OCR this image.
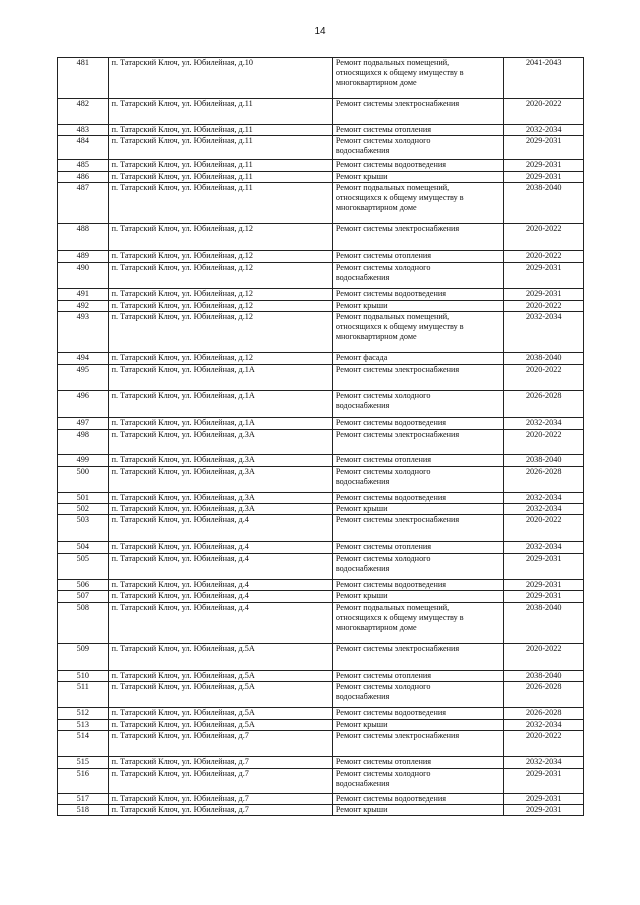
14
481	п. Татарский Ключ, ул. Юбилейная, д.10	Ремонт подвальных помещений,
относящихся к общему имуществу в
многоквартирном доме	2041-2043

482	п. Татарский Ключ, ул. Юбилейная, д.11	Ремонт системы электроснабжения	2020-2022

483	п. Татарский Ключ, ул. Юбилейная, д.11	Ремонт системы отопления	2032-2034

484	п. Татарский Ключ, ул. Юбилейная, д.11	Ремонт системы холодного
водоснабжения	2029-2031

485	п. Татарский Ключ, ул. Юбилейная, д.11	Ремонт системы водоотведения	2029-2031

486	п. Татарский Ключ, ул. Юбилейная, д.11	Ремонт крыши	2029-2031

487	п. Татарский Ключ, ул. Юбилейная, д.11	Ремонт подвальных помещений,
относящихся к общему имуществу в
многоквартирном доме	2038-2040

488	п. Татарский Ключ, ул. Юбилейная, д.12	Ремонт системы электроснабжения	2020-2022

489	п. Татарский Ключ, ул. Юбилейная, д.12	Ремонт системы отопления	2020-2022

490	п. Татарский Ключ, ул. Юбилейная, д.12	Ремонт системы холодного
водоснабжения	2029-2031

491	п. Татарский Ключ, ул. Юбилейная, д.12	Ремонт системы водоотведения	2029-2031

492	п. Татарский Ключ, ул. Юбилейная, д.12	Ремонт крыши	2020-2022

493	п. Татарский Ключ, ул. Юбилейная, д.12	Ремонт подвальных помещений,
относящихся к общему имуществу в
многоквартирном доме	2032-2034

494	п. Татарский Ключ, ул. Юбилейная, д.12	Ремонт фасада	2038-2040

495	п. Татарский Ключ, ул. Юбилейная, д.1А	Ремонт системы электроснабжения	2020-2022

496	п. Татарский Ключ, ул. Юбилейная, д.1А	Ремонт системы холодного
водоснабжения	2026-2028

497	п. Татарский Ключ, ул. Юбилейная, д.1А	Ремонт системы водоотведения	2032-2034

498	п. Татарский Ключ, ул. Юбилейная, д.3А	Ремонт системы электроснабжения	2020-2022

499	п. Татарский Ключ, ул. Юбилейная, д.3А	Ремонт системы отопления	2038-2040

500	п. Татарский Ключ, ул. Юбилейная, д.3А	Ремонт системы холодного
водоснабжения	2026-2028

501	п. Татарский Ключ, ул. Юбилейная, д.3А	Ремонт системы водоотведения	2032-2034

502	п. Татарский Ключ, ул. Юбилейная, д.3А	Ремонт крыши	2032-2034

503	п. Татарский Ключ, ул. Юбилейная, д.4	Ремонт системы электроснабжения	2020-2022

504	п. Татарский Ключ, ул. Юбилейная, д.4	Ремонт системы отопления	2032-2034

505	п. Татарский Ключ, ул. Юбилейная, д.4	Ремонт системы холодного
водоснабжения	2029-2031

506	п. Татарский Ключ, ул. Юбилейная, д.4	Ремонт системы водоотведения	2029-2031

507	п. Татарский Ключ, ул. Юбилейная, д.4	Ремонт крыши	2029-2031

508	п. Татарский Ключ, ул. Юбилейная, д.4	Ремонт подвальных помещений,
относящихся к общему имуществу в
многоквартирном доме	2038-2040

509	п. Татарский Ключ, ул. Юбилейная, д.5А	Ремонт системы электроснабжения	2020-2022

510	п. Татарский Ключ, ул. Юбилейная, д.5А	Ремонт системы отопления	2038-2040

511	п. Татарский Ключ, ул. Юбилейная, д.5А	Ремонт системы холодного
водоснабжения	2026-2028

512	п. Татарский Ключ, ул. Юбилейная, д.5А	Ремонт системы водоотведения	2026-2028

513	п. Татарский Ключ, ул. Юбилейная, д.5А	Ремонт крыши	2032-2034

514	п. Татарский Ключ, ул. Юбилейная, д.7	Ремонт системы электроснабжения	2020-2022

515	п. Татарский Ключ, ул. Юбилейная, д.7	Ремонт системы отопления	2032-2034

516	п. Татарский Ключ, ул. Юбилейная, д.7	Ремонт системы холодного
водоснабжения	2029-2031

517	п. Татарский Ключ, ул. Юбилейная, д.7	Ремонт системы водоотведения	2029-2031

518	п. Татарский Ключ, ул. Юбилейная, д.7	Ремонт крыши	2029-2031
